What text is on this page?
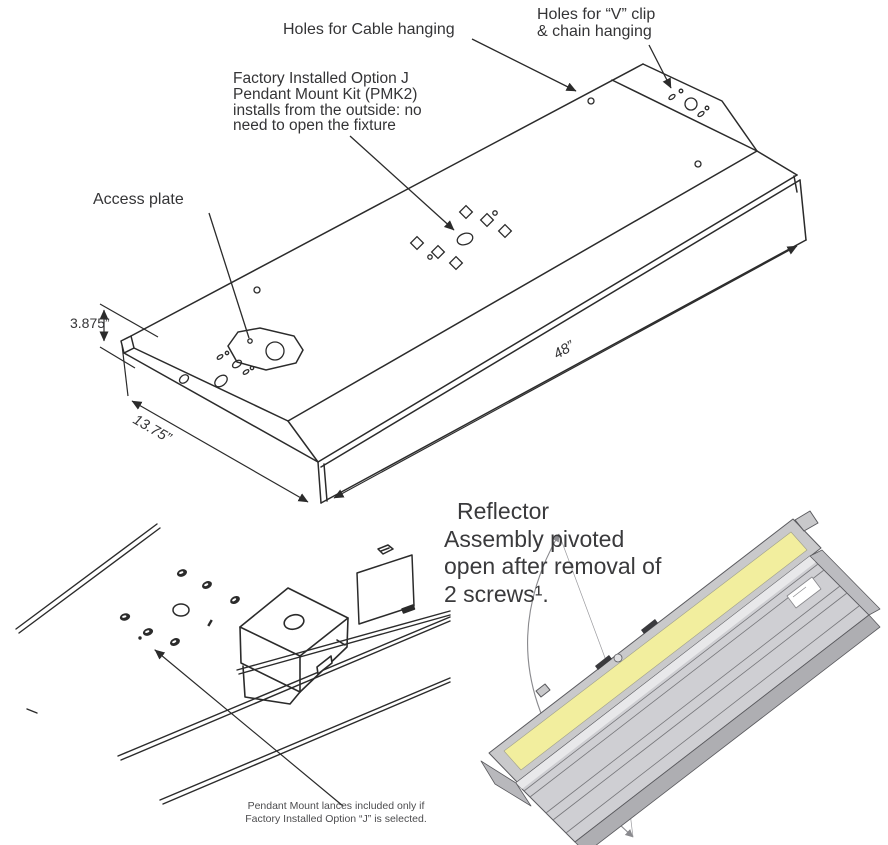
Holes for Cable hanging
Holes for “V” clip
& chain hanging
Factory Installed Option J
Pendant Mount Kit (PMK2)
installs from the outside: no
need to open the fixture
Access plate
3.875”
13.75”
48”
Reflector
Assembly pivoted
open after removal of
2 screws¹.
Pendant Mount lances included only if
Factory Installed Option “J” is selected.
